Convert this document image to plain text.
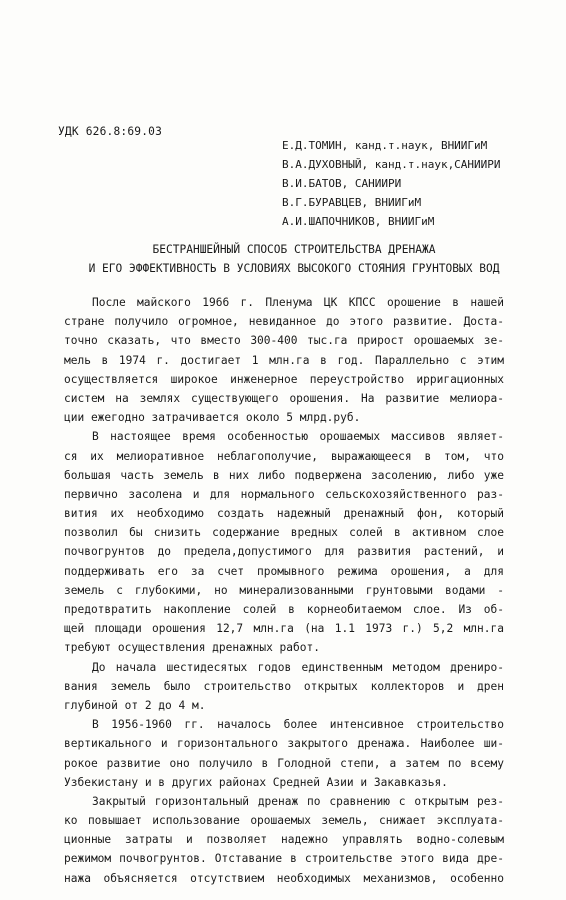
УДК 626.8:69.03
Е.Д.ТОМИН, канд.т.наук, ВНИИГиМ
В.А.ДУХОВНЫЙ, канд.т.наук,САНИИРИ
В.И.БАТОВ, САНИИРИ
В.Г.БУРАВЦЕВ, ВНИИГиМ
А.И.ШАПОЧНИКОВ, ВНИИГиМ
БЕСТРАНШЕЙНЫЙ СПОСОБ СТРОИТЕЛЬСТВА ДРЕНАЖА
И ЕГО ЭФФЕКТИВНОСТЬ В УСЛОВИЯХ ВЫСОКОГО СТОЯНИЯ ГРУНТОВЫХ ВОД
После майского 1966 г. Пленума ЦК КПСС орошение в нашей
стране получило огромное, невиданное до этого развитие. Доста-
точно сказать, что вместо 300-400 тыс.га прирост орошаемых зе-
мель в 1974 г. достигает 1 млн.га в год. Параллельно с этим
осуществляется широкое инженерное переустройство ирригационных
систем на землях существующего орошения. На развитие мелиора-
ции ежегодно затрачивается около 5 млрд.руб.
В настоящее время особенностью орошаемых массивов являет-
ся их мелиоративное неблагополучие, выражающееся в том, что
большая часть земель в них либо подвержена засолению, либо уже
первично засолена и для нормального сельскохозяйственного раз-
вития их необходимо создать надежный дренажный фон, который
позволил бы снизить содержание вредных солей в активном слое
почвогрунтов до предела,допустимого для развития растений, и
поддерживать его за счет промывного режима орошения, а для
земель с глубокими, но минерализованными грунтовыми водами -
предотвратить накопление солей в корнеобитаемом слое. Из об-
щей площади орошения 12,7 млн.га (на 1.1 1973 г.) 5,2 млн.га
требуют осуществления дренажных работ.
До начала шестидесятых годов единственным методом дрениро-
вания земель было строительство открытых коллекторов и дрен
глубиной от 2 до 4 м.
В 1956-1960 гг. началось более интенсивное строительство
вертикального и горизонтального закрытого дренажа. Наиболее ши-
рокое развитие оно получило в Голодной степи, а затем по всему
Узбекистану и в других районах Средней Азии и Закавказья.
Закрытый горизонтальный дренаж по сравнению с открытым рез-
ко повышает использование орошаемых земель, снижает эксплуата-
ционные затраты и позволяет надежно управлять водно-солевым
режимом почвогрунтов. Отставание в строительстве этого вида дре-
нажа объясняется отсутствием необходимых механизмов, особенно
